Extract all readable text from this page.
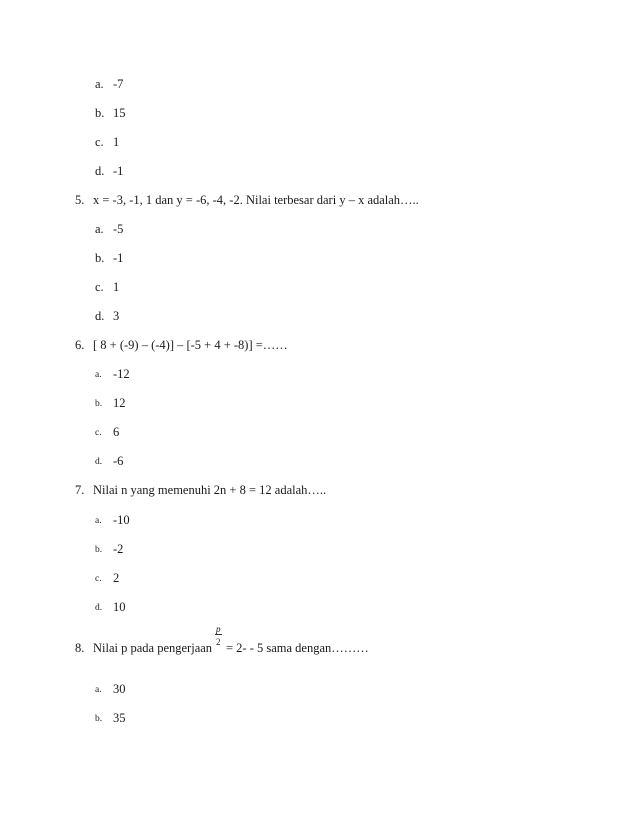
a. -7
b. 15
c. 1
d. -1
5. x = -3, -1, 1 dan y = -6, -4, -2. Nilai terbesar dari y – x adalah…..
a. -5
b. -1
c. 1
d. 3
6. [ 8 + (-9) – (-4)] – [-5 + 4 + -8)] =……
a. -12
b. 12
c. 6
d. -6
7. Nilai n yang memenuhi 2n + 8 = 12 adalah…..
a. -10
b. -2
c. 2
d. 10
p
2
8. Nilai p pada pengerjaan = 2- - 5 sama dengan………
a. 30
b. 35
